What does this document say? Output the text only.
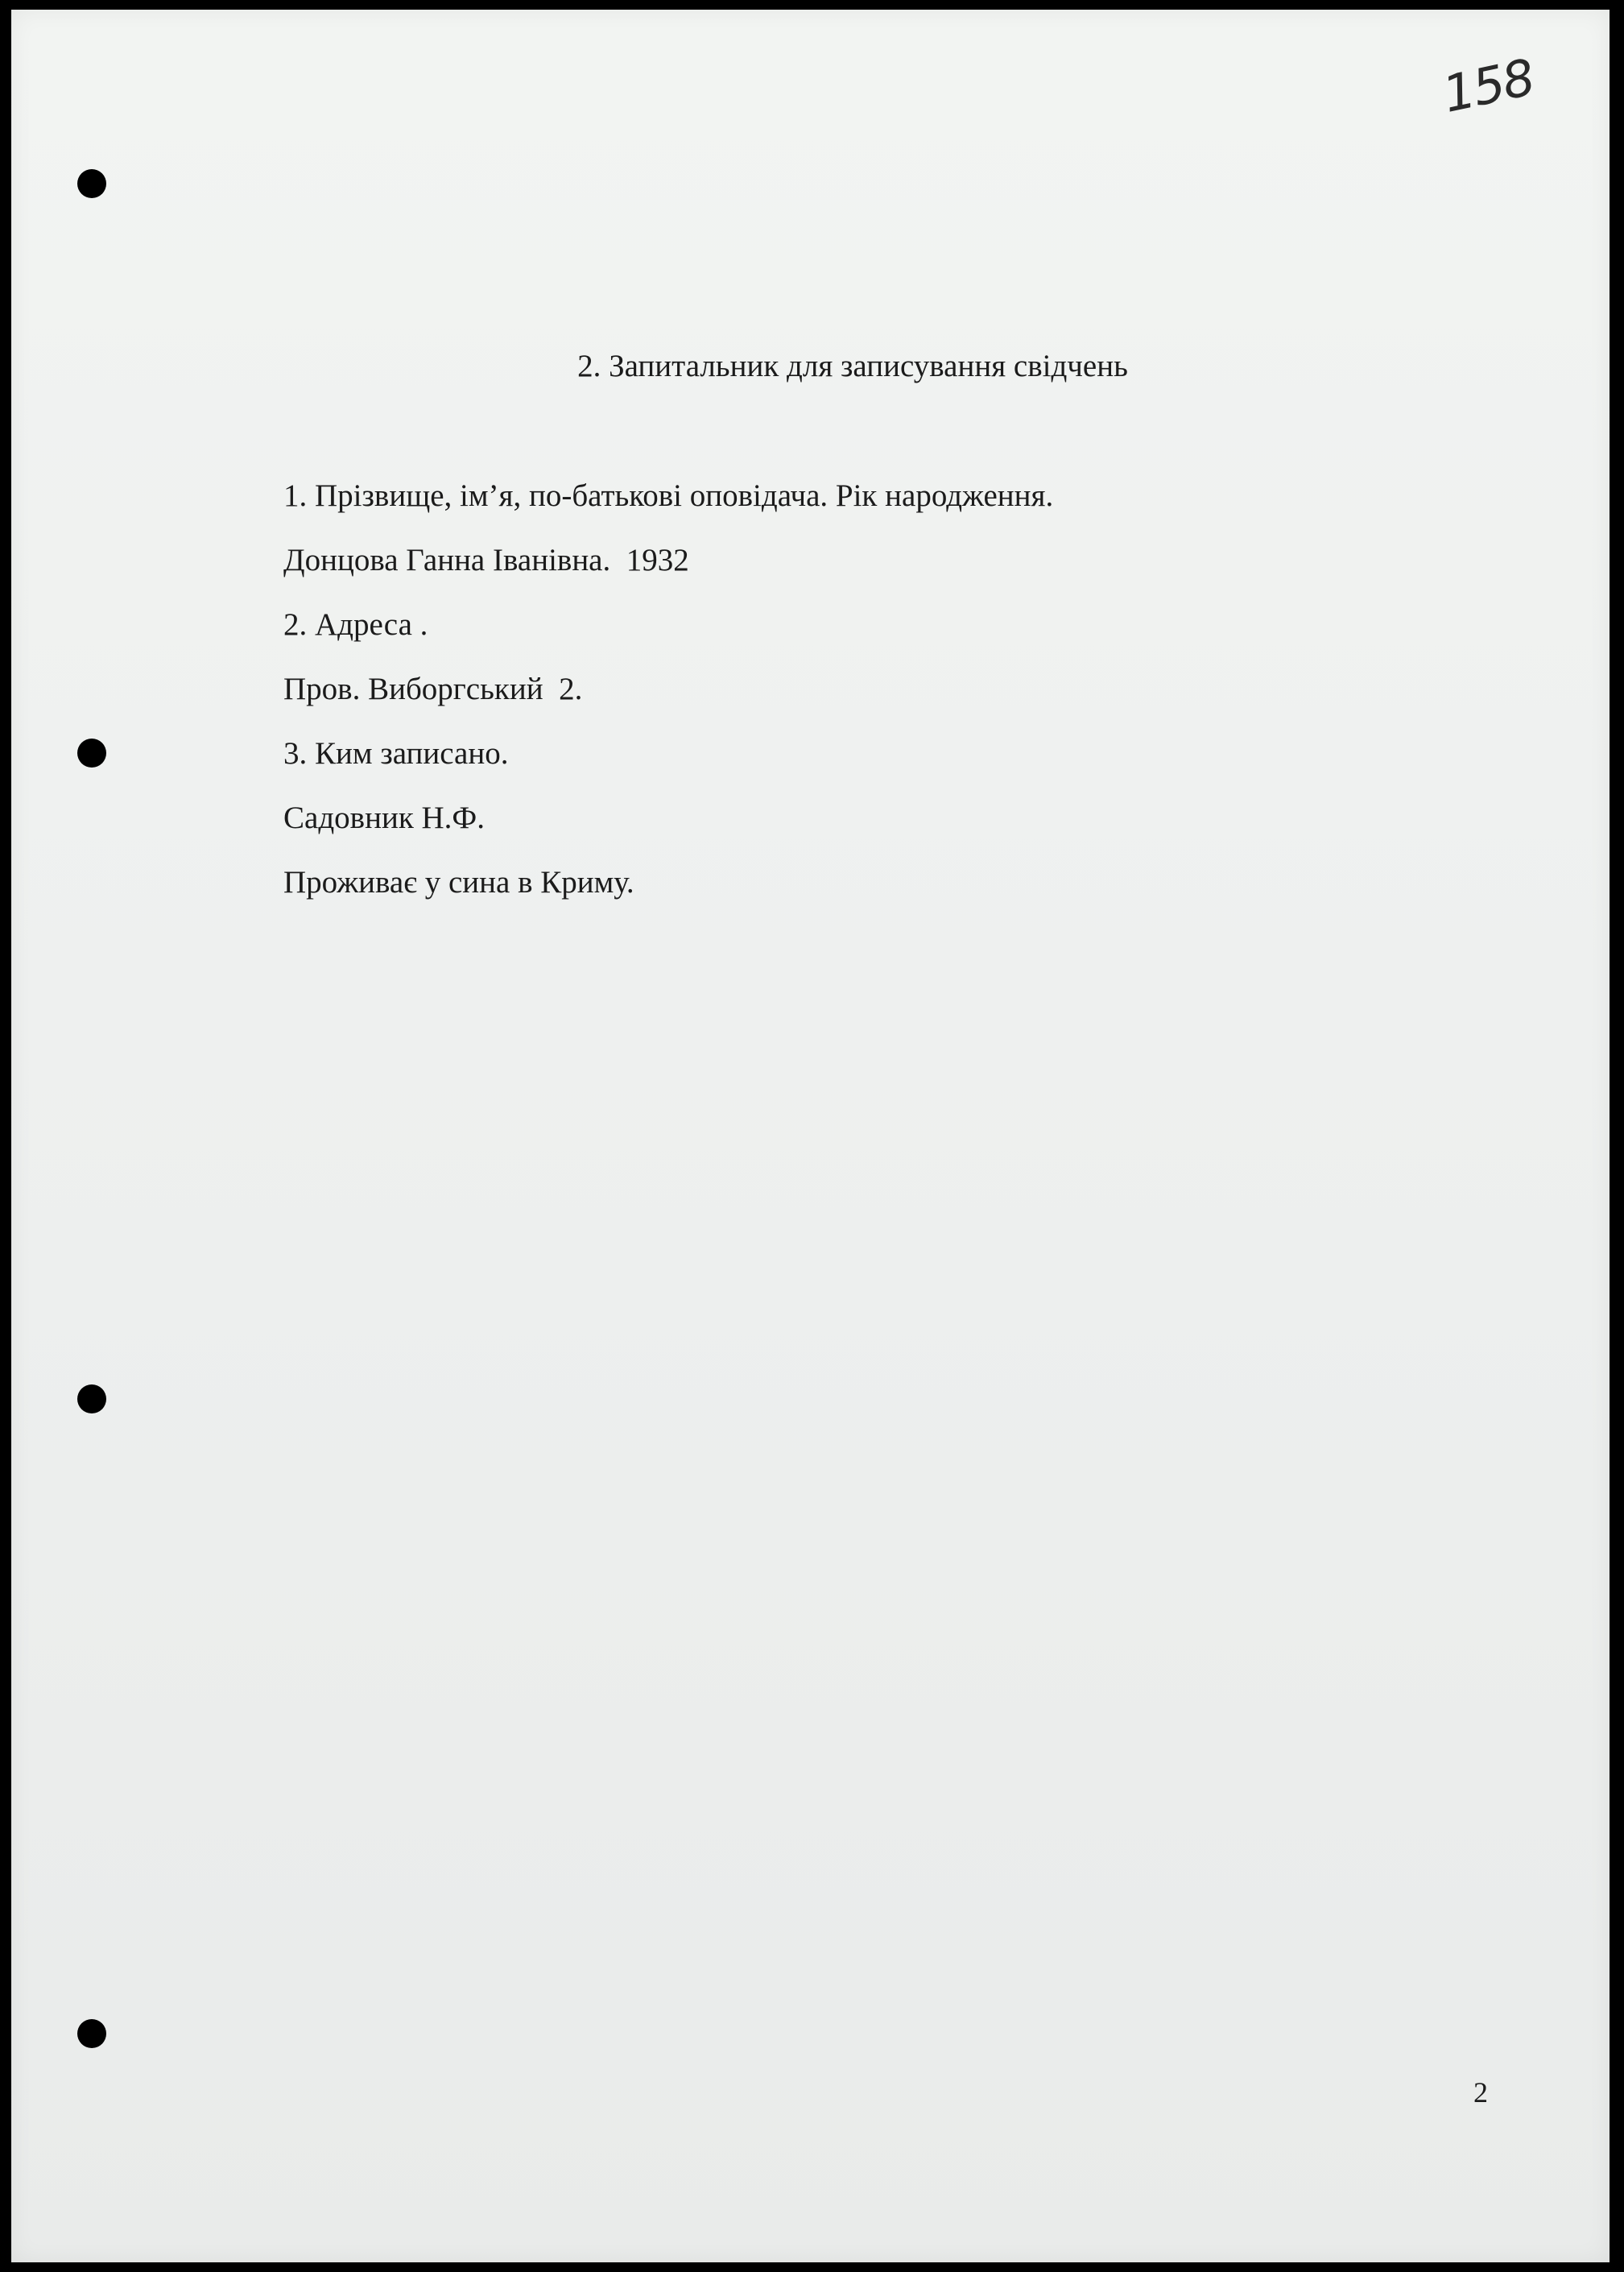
158
2. Запитальник для записування свідчень
1. Прізвище, ім’я, по-батькові оповідача. Рік народження.
Донцова Ганна Іванівна.  1932
2. Адреса .
Пров. Виборгський  2.
3. Ким записано.
Садовник Н.Ф.
Проживає у сина в Криму.
2
